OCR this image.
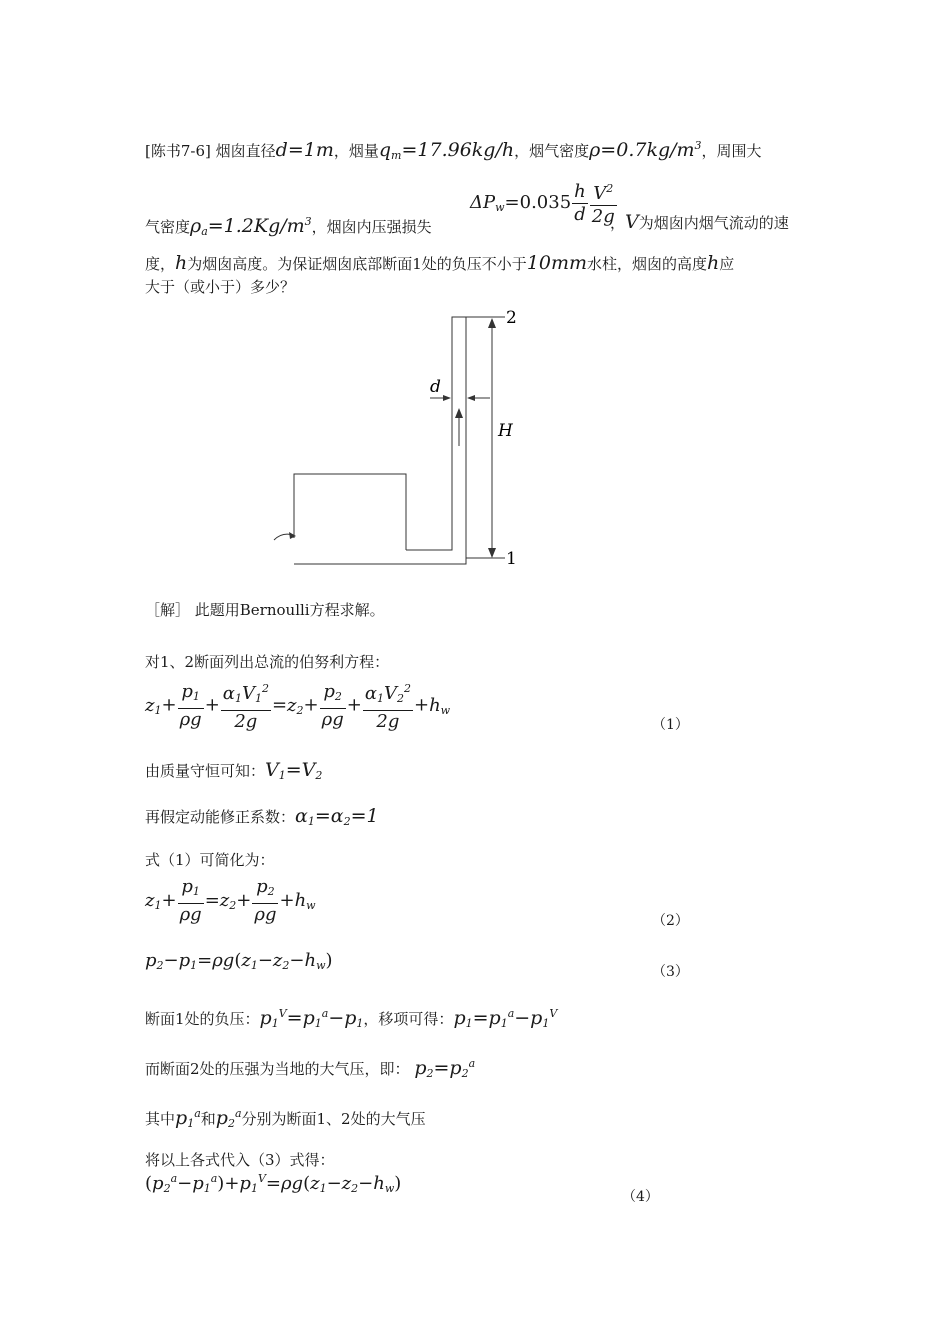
[陈书7-6] 烟囱直径d=1m，烟量$q_m=17.96kg/h$，烟气密度$\rho=0.7kg/m^3$，周围大
气密度$\rho_a=1.2Kg/m^3$，烟囱内压强损失
$\Delta P_w=0.035 \frac{h}{d} \frac{V^2}{2g}$
，V为烟囱内烟气流动的速
度，h为烟囱高度。为保证烟囱底部断面1处的负压不小于10mm水柱，烟囱的高度h应
大于（或小于）多少？
2
1
d
H
［解］ 此题用Bernoulli方程求解。
对1、2断面列出总流的伯努利方程：
$z_1+ \frac{p_1}{\rho g} + \frac{\alpha_1V_1^2}{2g} =z_2+ \frac{p_2}{\rho g} + \frac{\alpha_1V_2^2}{2g} +h_w$
（1）
由质量守恒可知：$V_1=V_2$
再假定动能修正系数：$\alpha_1=\alpha_2=1$
式（1）可简化为：
$z_1+ \frac{p_1}{\rho g} =z_2+ \frac{p_2}{\rho g} +h_w$
（2）
$p_2-p_1=\rho g(z_1-z_2-h_w)$
（3）
断面1处的负压：$p_1^V=p_1^a-p_1$，移项可得：$p_1=p_1^a-p_1^V$
而断面2处的压强为当地的大气压，即： $p_2=p_2^a$
其中$p_1^a$和$p_2^a$分别为断面1、2处的大气压
将以上各式代入（3）式得：
$(p_2^a-p_1^a)+p_1^V=\rho g(z_1-z_2-h_w)$
（4）
